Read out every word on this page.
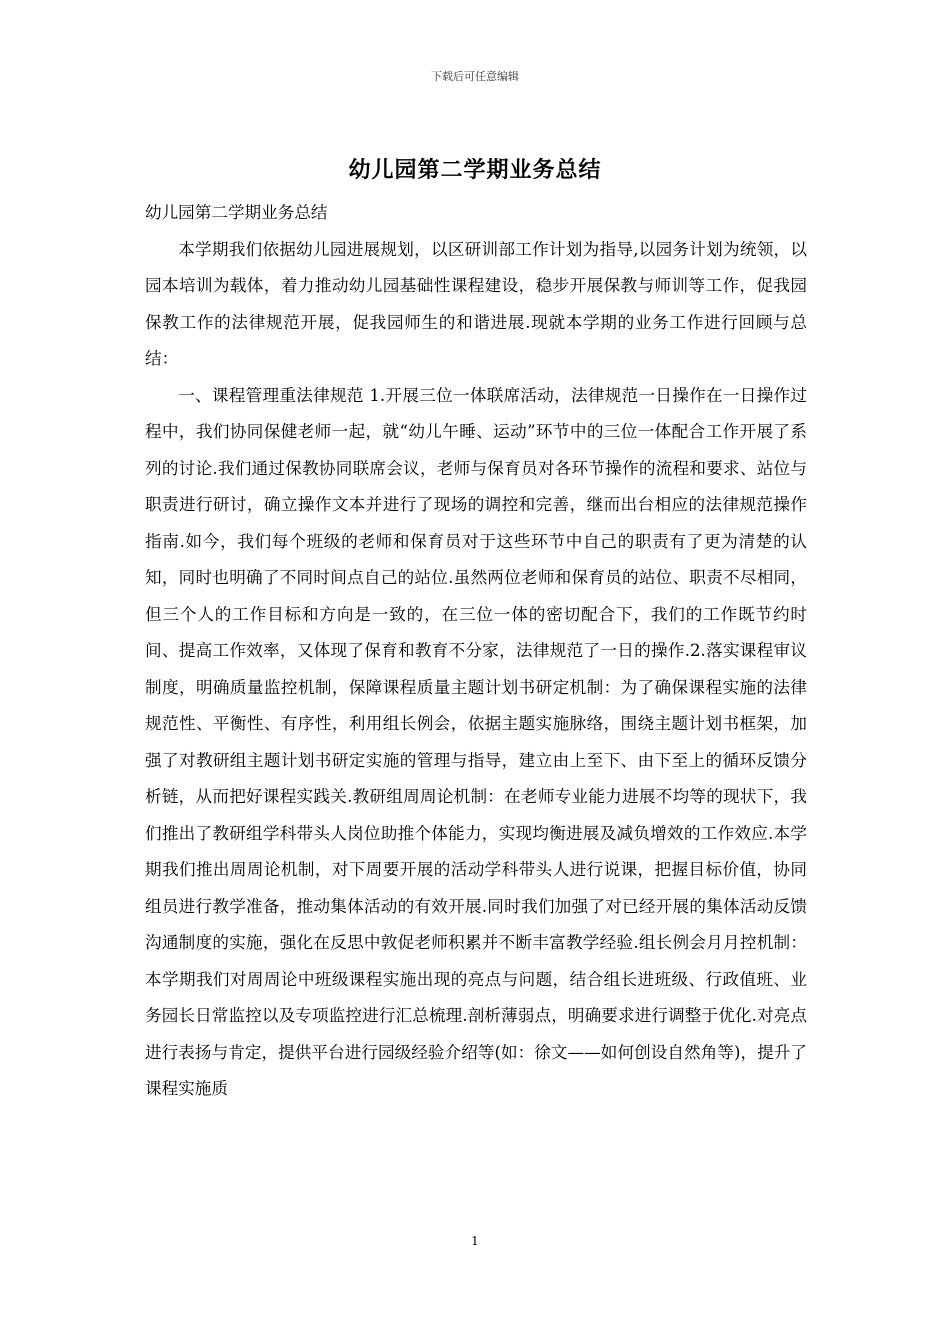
下载后可任意编辑
幼儿园第二学期业务总结

幼儿园第二学期业务总结

本学期我们依据幼儿园进展规划，以区研训部工作计划为指导,以园务计划为统领，以园本培训为载体，着力推动幼儿园基础性课程建设，稳步开展保教与师训等工作，促我园保教工作的法律规范开展，促我园师生的和谐进展.现就本学期的业务工作进行回顾与总结：

一、课程管理重法律规范 1.开展三位一体联席活动，法律规范一日操作在一日操作过程中，我们协同保健老师一起，就“幼儿午睡、运动”环节中的三位一体配合工作开展了系列的讨论.我们通过保教协同联席会议，老师与保育员对各环节操作的流程和要求、站位与职责进行研讨，确立操作文本并进行了现场的调控和完善，继而出台相应的法律规范操作指南.如今，我们每个班级的老师和保育员对于这些环节中自己的职责有了更为清楚的认知，同时也明确了不同时间点自己的站位.虽然两位老师和保育员的站位、职责不尽相同，但三个人的工作目标和方向是一致的，在三位一体的密切配合下，我们的工作既节约时间、提高工作效率，又体现了保育和教育不分家，法律规范了一日的操作.2.落实课程审议制度，明确质量监控机制，保障课程质量主题计划书研定机制：为了确保课程实施的法律规范性、平衡性、有序性，利用组长例会，依据主题实施脉络，围绕主题计划书框架，加强了对教研组主题计划书研定实施的管理与指导，建立由上至下、由下至上的循环反馈分析链，从而把好课程实践关.教研组周周论机制：在老师专业能力进展不均等的现状下，我们推出了教研组学科带头人岗位助推个体能力，实现均衡进展及减负增效的工作效应.本学期我们推出周周论机制，对下周要开展的活动学科带头人进行说课，把握目标价值，协同组员进行教学准备，推动集体活动的有效开展.同时我们加强了对已经开展的集体活动反馈沟通制度的实施，强化在反思中敦促老师积累并不断丰富教学经验.组长例会月月控机制：本学期我们对周周论中班级课程实施出现的亮点与问题，结合组长进班级、行政值班、业务园长日常监控以及专项监控进行汇总梳理.剖析薄弱点，明确要求进行调整于优化.对亮点进行表扬与肯定，提供平台进行园级经验介绍等(如：徐文——如何创设自然角等)，提升了课程实施质

1
